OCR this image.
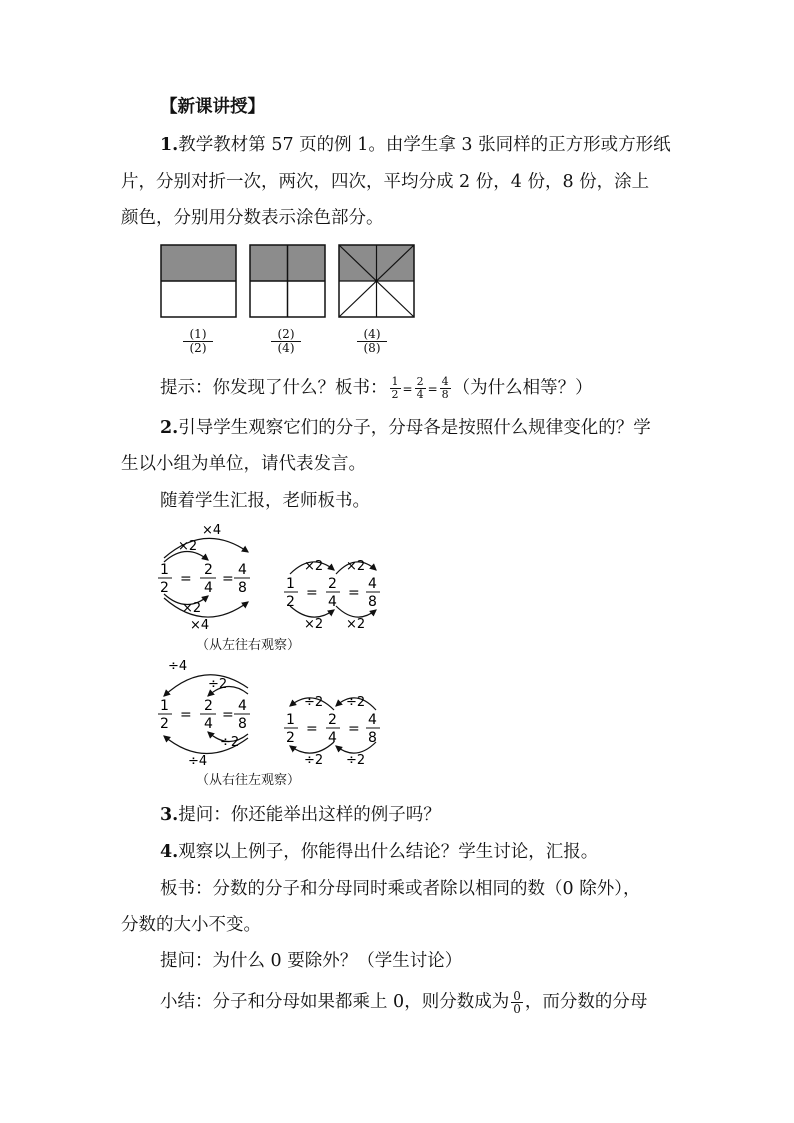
【新课讲授】
1.教学教材第 57 页的例 1。由学生拿 3 张同样的正方形或方形纸
片，分别对折一次，两次，四次，平均分成 2 份，4 份，8 份，涂上
颜色，分别用分数表示涂色部分。
(1)
(2)
(2)
(4)
(4)
(8)
提示：你发现了什么？板书： $\frac{1}{2} = \frac{2}{4} = \frac{4}{8}$ （为什么相等？）
2.引导学生观察它们的分子，分母各是按照什么规律变化的？学
生以小组为单位，请代表发言。
随着学生汇报，老师板书。
×4
×2
×2
×4
1
2
=
2
4
=
4
8
×2 ×2
×2 ×2
1
2
=
2
4
=
4
8
（从左往右观察）
÷4
÷2
÷2
÷4
1
2
=
2
4
=
4
8
÷2 ÷2
÷2 ÷2
1
2
=
2
4
=
4
8
（从右往左观察）
3.提问：你还能举出这样的例子吗？
4.观察以上例子，你能得出什么结论？学生讨论，汇报。
板书：分数的分子和分母同时乘或者除以相同的数（0 除外），
分数的大小不变。
提问：为什么 0 要除外？（学生讨论）
小结：分子和分母如果都乘上 0，则分数成为 $\frac{0}{0}$ ，而分数的分母
